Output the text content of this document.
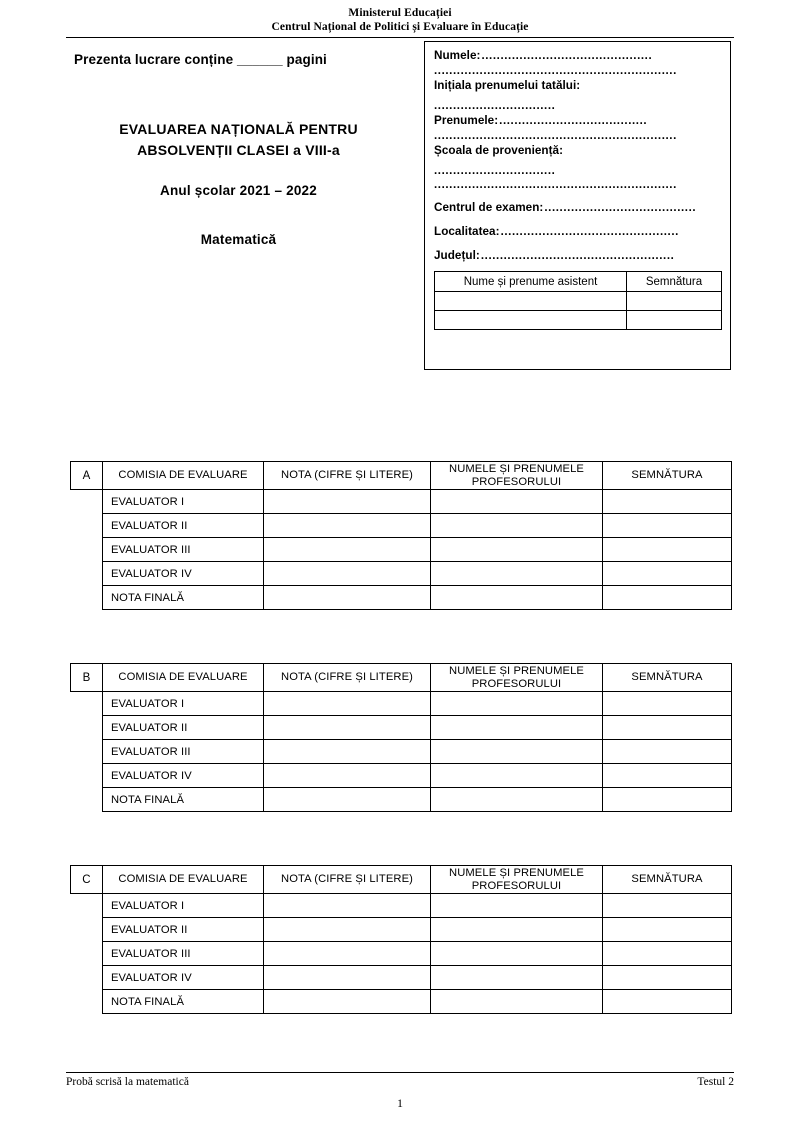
Ministerul Educației
Centrul Național de Politici și Evaluare în Educație
Prezenta lucrare conține ______ pagini
EVALUAREA NAȚIONALĂ PENTRU
ABSOLVENȚII CLASEI a VIII-a
Anul școlar 2021 – 2022
Matematică
Numele:.............................................
................................................................
Inițiala prenumelui tatălui:
................................
Prenumele:.......................................
................................................................
Școala de proveniență:
................................
................................................................
Centrul de examen:........................................
Localitatea:...............................................
Județul:...................................................
Nume și prenume asistent	Semnătura

A	COMISIA DE EVALUARE	NOTA (CIFRE ȘI LITERE)	NUMELE ȘI PRENUMELE
PROFESORULUI	SEMNĂTURA
	EVALUATOR I			
	EVALUATOR II			
	EVALUATOR III			
	EVALUATOR IV			
	NOTA FINALĂ			
B	COMISIA DE EVALUARE	NOTA (CIFRE ȘI LITERE)	NUMELE ȘI PRENUMELE
PROFESORULUI	SEMNĂTURA
	EVALUATOR I			
	EVALUATOR II			
	EVALUATOR III			
	EVALUATOR IV			
	NOTA FINALĂ			
C	COMISIA DE EVALUARE	NOTA (CIFRE ȘI LITERE)	NUMELE ȘI PRENUMELE
PROFESORULUI	SEMNĂTURA
	EVALUATOR I			
	EVALUATOR II			
	EVALUATOR III			
	EVALUATOR IV			
	NOTA FINALĂ			
Probă scrisă la matematică	Testul 2
1
